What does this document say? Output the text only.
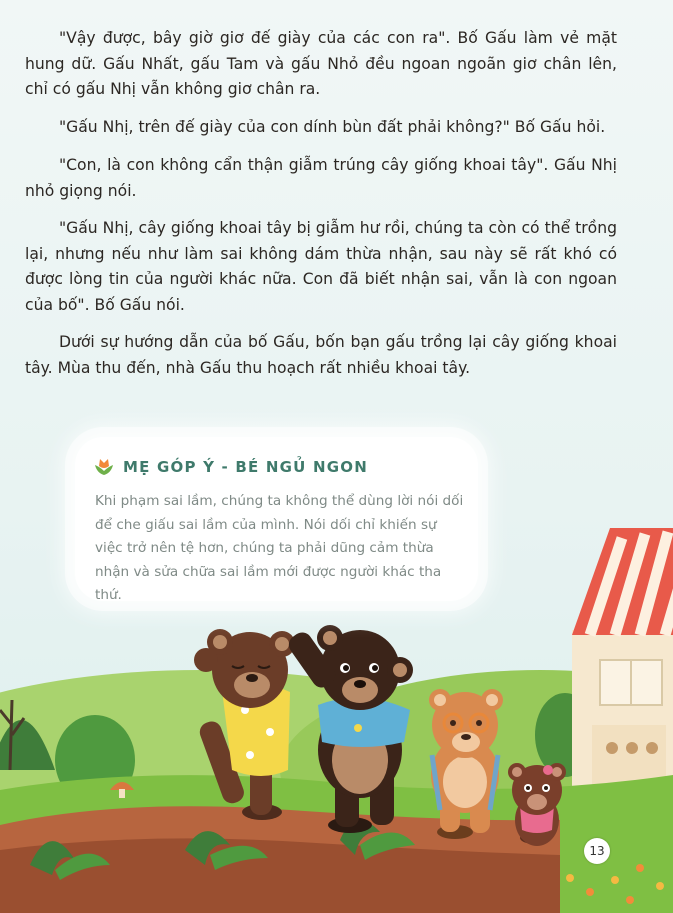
"Vậy được, bây giờ giơ đế giày của các con ra". Bố Gấu làm vẻ mặt hung dữ. Gấu Nhất, gấu Tam và gấu Nhỏ đều ngoan ngoãn giơ chân lên, chỉ có gấu Nhị vẫn không giơ chân ra.

"Gấu Nhị, trên đế giày của con dính bùn đất phải không?" Bố Gấu hỏi.

"Con, là con không cẩn thận giẫm trúng cây giống khoai tây". Gấu Nhị nhỏ giọng nói.

"Gấu Nhị, cây giống khoai tây bị giẫm hư rồi, chúng ta còn có thể trồng lại, nhưng nếu như làm sai không dám thừa nhận, sau này sẽ rất khó có được lòng tin của người khác nữa. Con đã biết nhận sai, vẫn là con ngoan của bố". Bố Gấu nói.

Dưới sự hướng dẫn của bố Gấu, bốn bạn gấu trồng lại cây giống khoai tây. Mùa thu đến, nhà Gấu thu hoạch rất nhiều khoai tây.

MẸ GÓP Ý - BÉ NGỦ NGON
Khi phạm sai lầm, chúng ta không thể dùng lời nói dối để che giấu sai lầm của mình. Nói dối chỉ khiến sự việc trở nên tệ hơn, chúng ta phải dũng cảm thừa nhận và sửa chữa sai lầm mới được người khác tha thứ.
13
